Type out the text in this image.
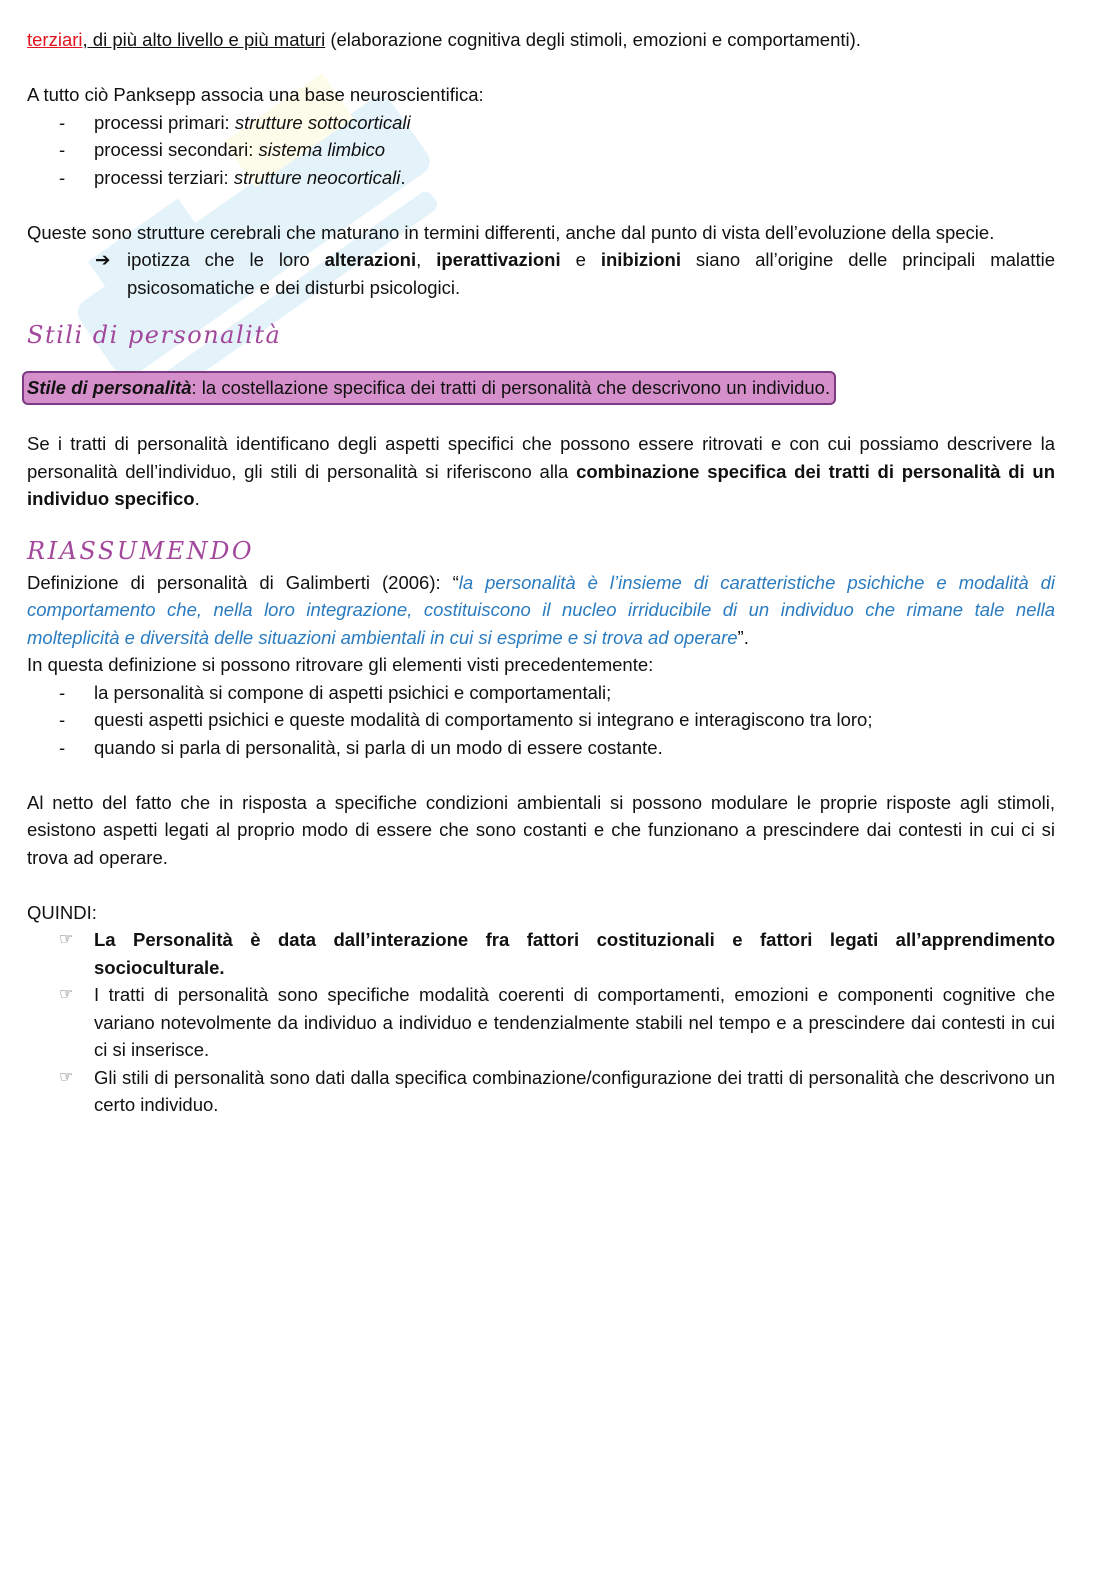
terziari, di più alto livello e più maturi (elaborazione cognitiva degli stimoli, emozioni e comportamenti).

A tutto ciò Panksepp associa una base neuroscientifica:

- processi primari: strutture sottocorticali
- processi secondari: sistema limbico
- processi terziari: strutture neocorticali.

Queste sono strutture cerebrali che maturano in termini differenti, anche dal punto di vista dell’evoluzione della specie.

➔ ipotizza che le loro alterazioni, iperattivazioni e inibizioni siano all’origine delle principali malattie psicosomatiche e dei disturbi psicologici.

Stili di personalità
Stile di personalità: la costellazione specifica dei tratti di personalità che descrivono un individuo.

Se i tratti di personalità identificano degli aspetti specifici che possono essere ritrovati e con cui possiamo descrivere la personalità dell’individuo, gli stili di personalità si riferiscono alla combinazione specifica dei tratti di personalità di un individuo specifico.

RIASSUMENDO

Definizione di personalità di Galimberti (2006): “la personalità è l’insieme di caratteristiche psichiche e modalità di comportamento che, nella loro integrazione, costituiscono il nucleo irriducibile di un individuo che rimane tale nella molteplicità e diversità delle situazioni ambientali in cui si esprime e si trova ad operare”.

In questa definizione si possono ritrovare gli elementi visti precedentemente:

- la personalità si compone di aspetti psichici e comportamentali;
- questi aspetti psichici e queste modalità di comportamento si integrano e interagiscono tra loro;
- quando si parla di personalità, si parla di un modo di essere costante.

Al netto del fatto che in risposta a specifiche condizioni ambientali si possono modulare le proprie risposte agli stimoli, esistono aspetti legati al proprio modo di essere che sono costanti e che funzionano a prescindere dai contesti in cui ci si trova ad operare.

QUINDI:

☞ La Personalità è data dall’interazione fra fattori costituzionali e fattori legati all’apprendimento socioculturale.
☞ I tratti di personalità sono specifiche modalità coerenti di comportamenti, emozioni e componenti cognitive che variano notevolmente da individuo a individuo e tendenzialmente stabili nel tempo e a prescindere dai contesti in cui ci si inserisce.
☞ Gli stili di personalità sono dati dalla specifica combinazione/configurazione dei tratti di personalità che descrivono un certo individuo.
